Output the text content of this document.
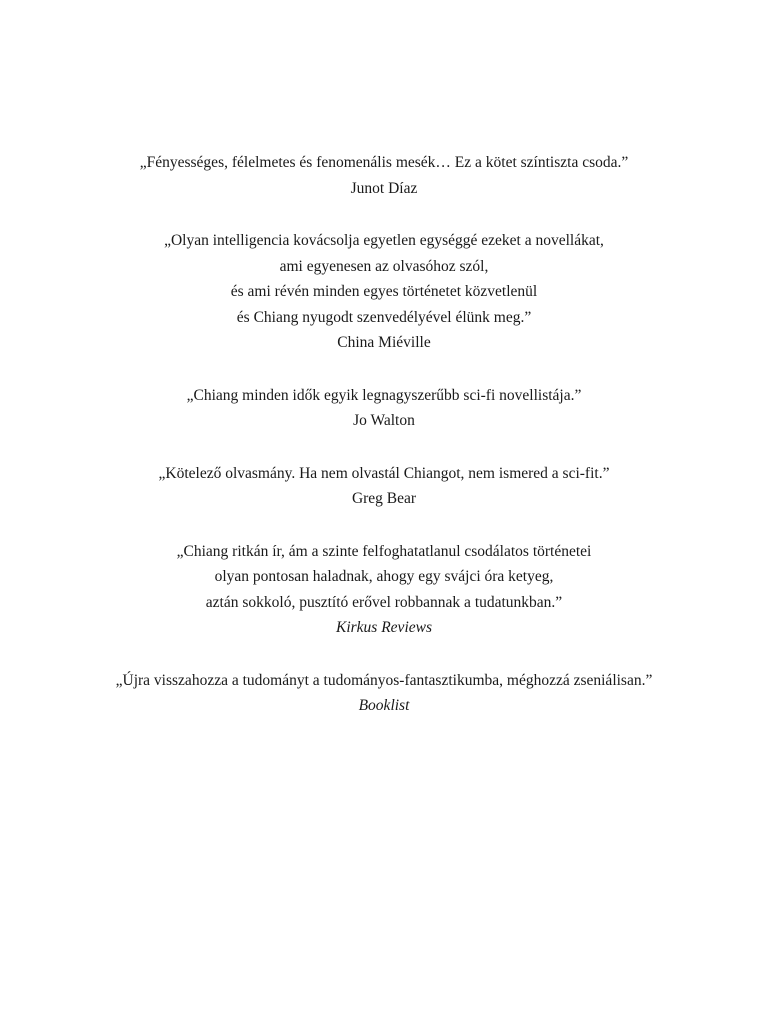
„Fényességes, félelmetes és fenomenális mesék… Ez a kötet színtiszta csoda.”
Junot Díaz
„Olyan intelligencia kovácsolja egyetlen egységgé ezeket a novellákat,
ami egyenesen az olvasóhoz szól,
és ami révén minden egyes történetet közvetlenül
és Chiang nyugodt szenvedélyével élünk meg.”
China Miéville
„Chiang minden idők egyik legnagyszerűbb sci-fi novellistája.”
Jo Walton
„Kötelező olvasmány. Ha nem olvastál Chiangot, nem ismered a sci-fit.”
Greg Bear
„Chiang ritkán ír, ám a szinte felfoghatatlanul csodálatos történetei
olyan pontosan haladnak, ahogy egy svájci óra ketyeg,
aztán sokkoló, pusztító erővel robbannak a tudatunkban.”
Kirkus Reviews
„Újra visszahozza a tudományt a tudományos-fantasztikumba, méghozzá zseniálisan.”
Booklist
